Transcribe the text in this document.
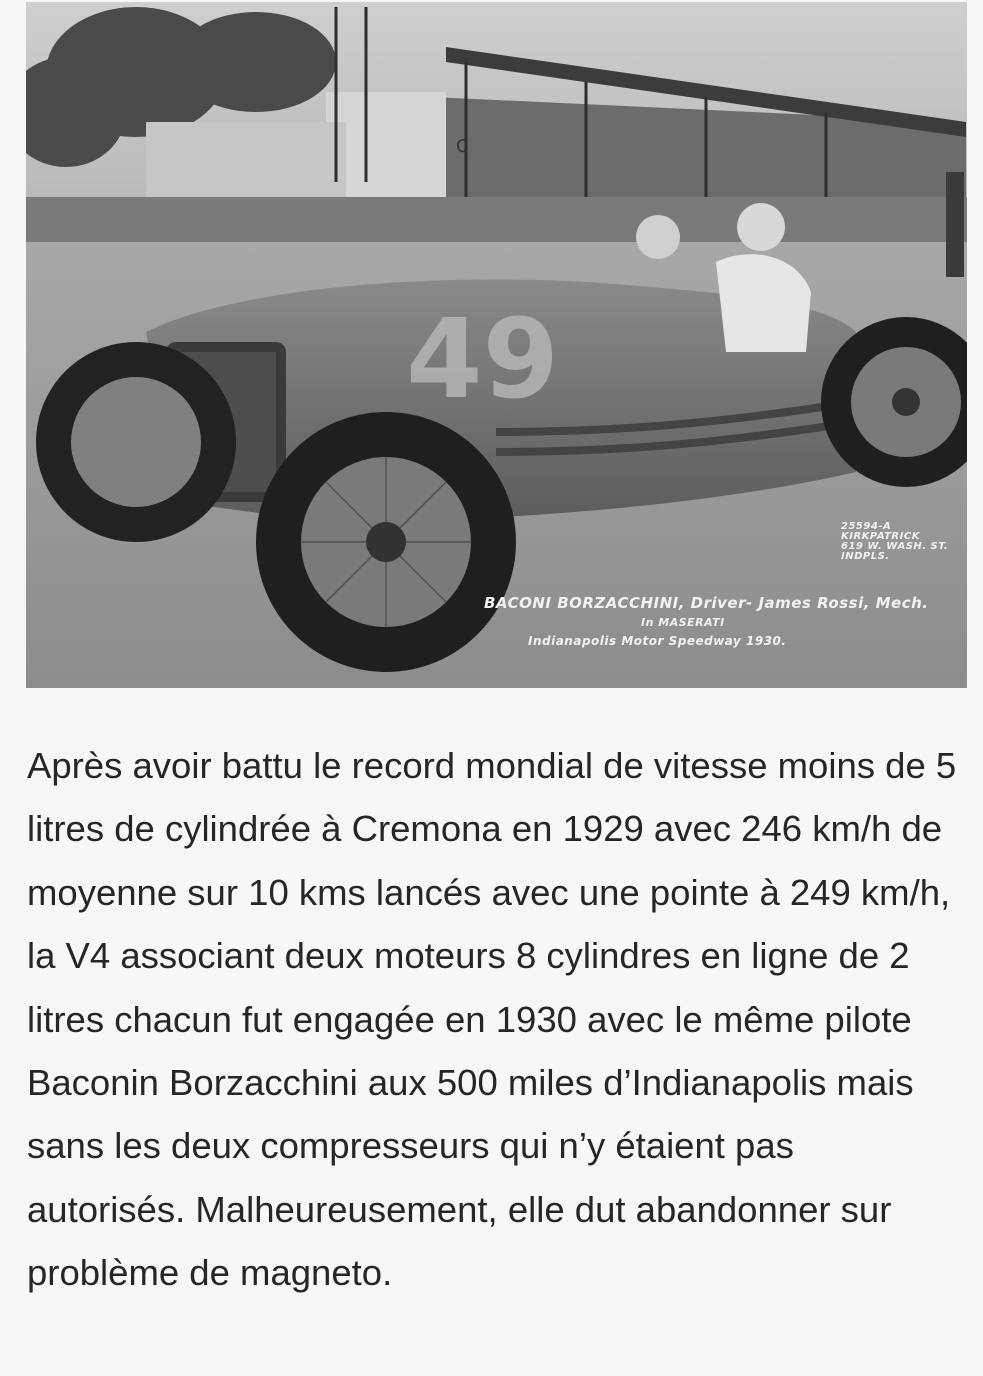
C
49
25594-A
KIRKPATRICK
619 W. WASH. ST.
INDPLS.
BACONI BORZACCHINI, Driver- James Rossi, Mech.
In MASERATI
Indianapolis Motor Speedway 1930.

Après avoir battu le record mondial de vitesse moins de 5 litres de cylindrée à Cremona en 1929 avec 246 km/h de moyenne sur 10 kms lancés avec une pointe à 249 km/h, la V4 associant deux moteurs 8 cylindres en ligne de 2 litres chacun fut engagée en 1930 avec le même pilote Baconin Borzacchini aux 500 miles d’Indianapolis mais sans les deux compresseurs qui n’y étaient pas autorisés. Malheureusement, elle dut abandonner sur problème de magneto.
